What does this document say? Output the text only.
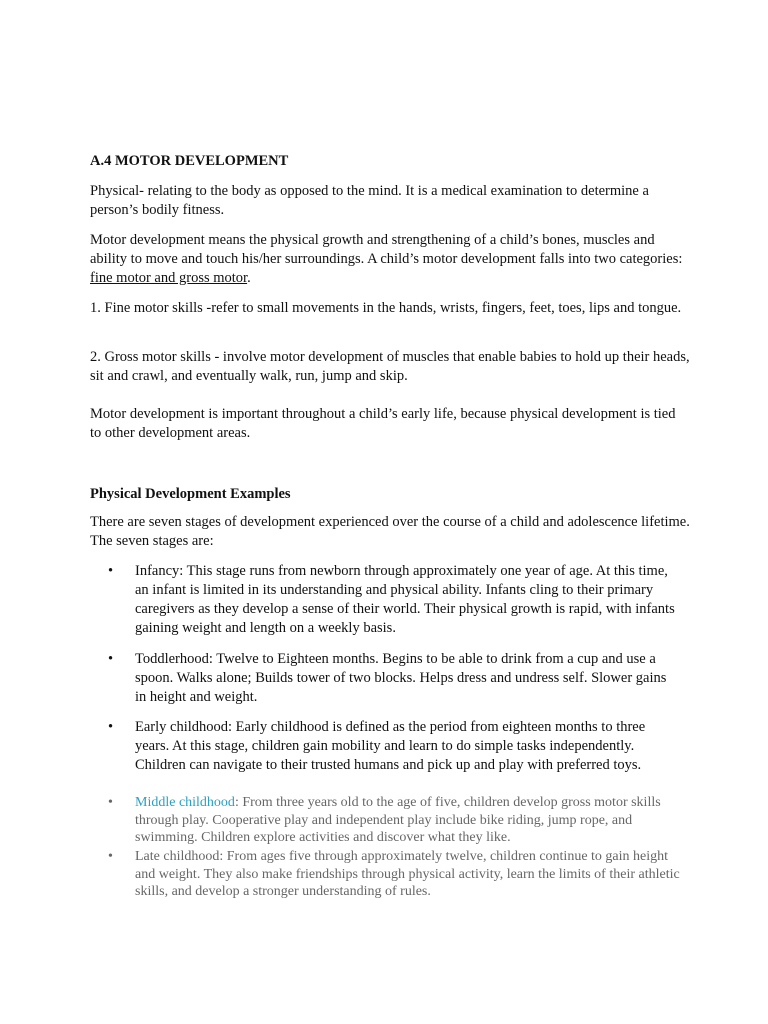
A.4 MOTOR DEVELOPMENT

Physical- relating to the body as opposed to the mind. It is a medical examination to determine a person’s bodily fitness.

Motor development means the physical growth and strengthening of a child’s bones, muscles and ability to move and touch his/her surroundings. A child’s motor development falls into two categories: fine motor and gross motor.

1. Fine motor skills -refer to small movements in the hands, wrists, fingers, feet, toes, lips and tongue.

2. Gross motor skills - involve motor development of muscles that enable babies to hold up their heads, sit and crawl, and eventually walk, run, jump and skip.

Motor development is important throughout a child’s early life, because physical development is tied to other development areas.

Physical Development Examples

There are seven stages of development experienced over the course of a child and adolescence lifetime. The seven stages are:

• Infancy: This stage runs from newborn through approximately one year of age. At this time, an infant is limited in its understanding and physical ability. Infants cling to their primary caregivers as they develop a sense of their world. Their physical growth is rapid, with infants gaining weight and length on a weekly basis.

• Toddlerhood: Twelve to Eighteen months. Begins to be able to drink from a cup and use a spoon. Walks alone; Builds tower of two blocks. Helps dress and undress self. Slower gains in height and weight.

• Early childhood: Early childhood is defined as the period from eighteen months to three years. At this stage, children gain mobility and learn to do simple tasks independently. Children can navigate to their trusted humans and pick up and play with preferred toys.

• Middle childhood: From three years old to the age of five, children develop gross motor skills through play. Cooperative play and independent play include bike riding, jump rope, and swimming. Children explore activities and discover what they like.

• Late childhood: From ages five through approximately twelve, children continue to gain height and weight. They also make friendships through physical activity, learn the limits of their athletic skills, and develop a stronger understanding of rules.
